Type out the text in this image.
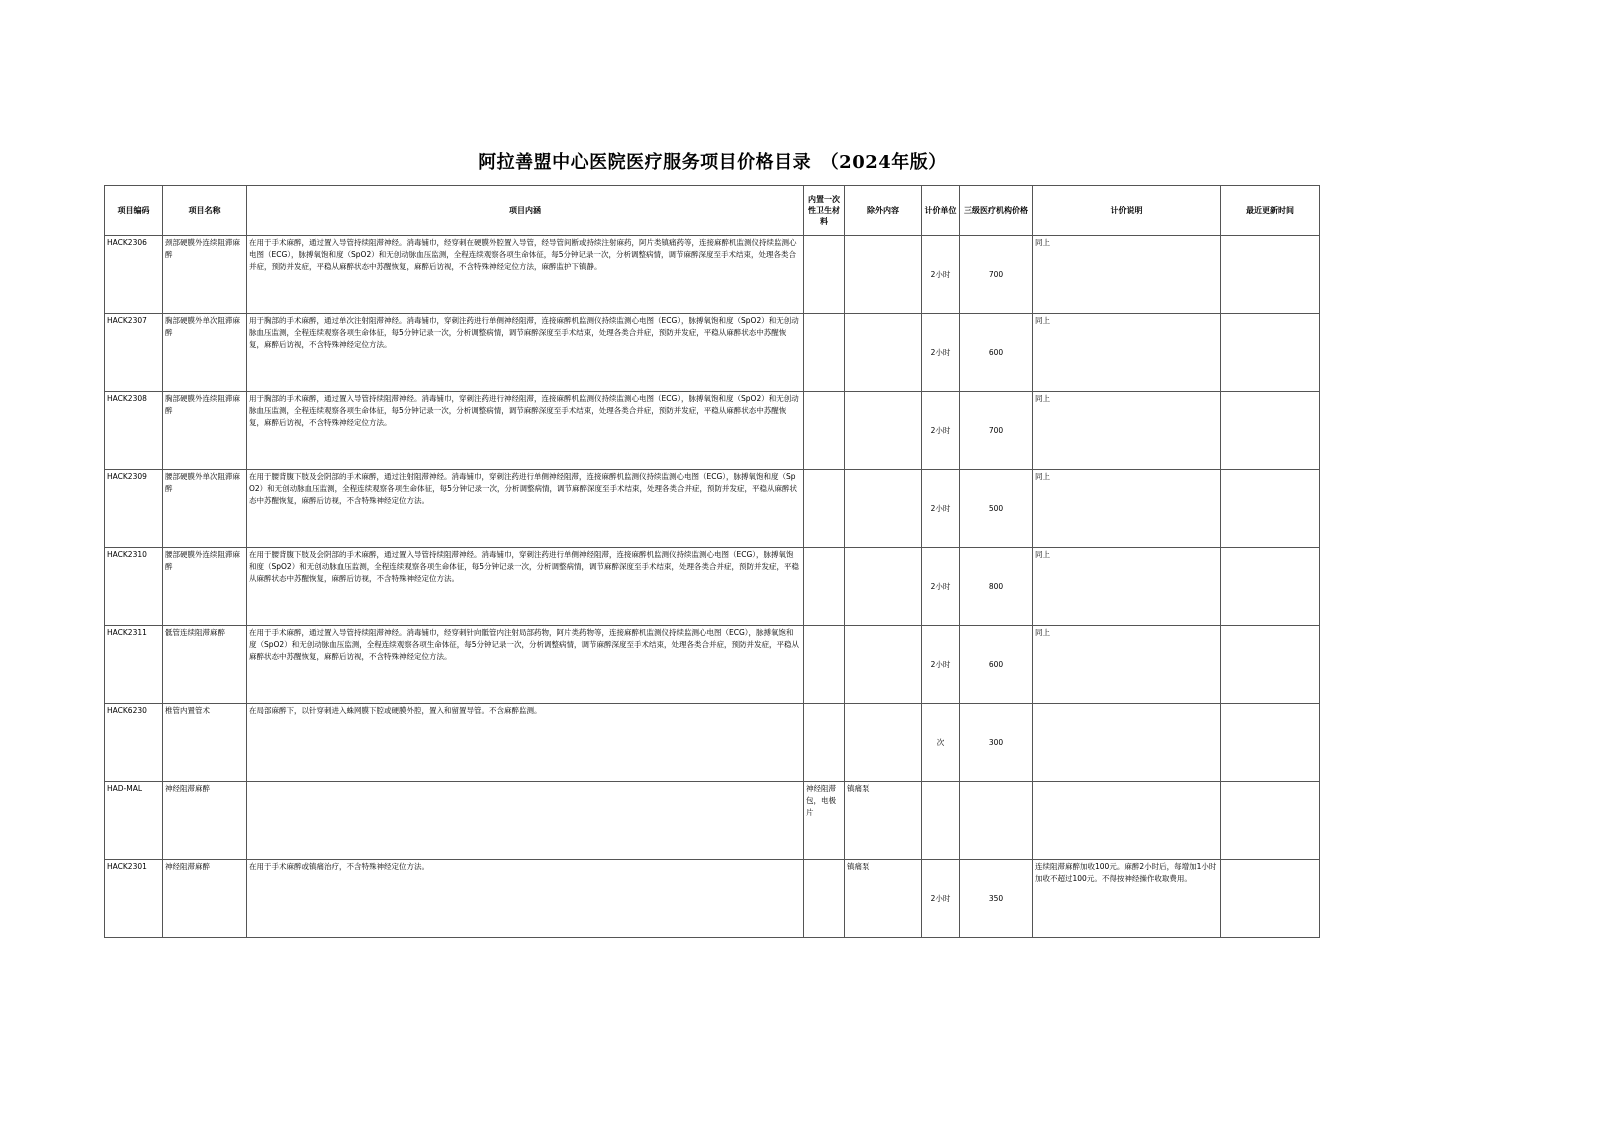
阿拉善盟中心医院医疗服务项目价格目录　（2024年版）
项目编码	项目名称	项目内涵	内置一次性卫生材料	除外内容	计价单位	三级医疗机构价格	计价说明	最近更新时间
HACK2306	颈部硬膜外连续阻滞麻醉	在用于手术麻醉，通过置入导管持续阻滞神经。消毒铺巾，经穿刺在硬膜外腔置入导管，经导管间断或持续注射麻药，阿片类镇痛药等，连接麻醉机监测仪持续监测心电图（ECG），脉搏氧饱和度（SpO2）和无创动脉血压监测，全程连续观察各项生命体征，每5分钟记录一次，分析调整病情，调节麻醉深度至手术结束，处理各类合并症，预防并发症，平稳从麻醉状态中苏醒恢复，麻醉后访视，不含特殊神经定位方法，麻醉监护下镇静。			2小时	700	同上	
HACK2307	胸部硬膜外单次阻滞麻醉	用于胸部的手术麻醉，通过单次注射阻滞神经。消毒铺巾，穿刺注药进行单侧神经阻滞，连接麻醉机监测仪持续监测心电图（ECG），脉搏氧饱和度（SpO2）和无创动脉血压监测，全程连续观察各项生命体征，每5分钟记录一次，分析调整病情，调节麻醉深度至手术结束，处理各类合并症，预防并发症，平稳从麻醉状态中苏醒恢复，麻醉后访视，不含特殊神经定位方法。			2小时	600	同上	
HACK2308	胸部硬膜外连续阻滞麻醉	用于胸部的手术麻醉，通过置入导管持续阻滞神经。消毒铺巾，穿刺注药进行神经阻滞，连接麻醉机监测仪持续监测心电图（ECG），脉搏氧饱和度（SpO2）和无创动脉血压监测，全程连续观察各项生命体征，每5分钟记录一次，分析调整病情，调节麻醉深度至手术结束，处理各类合并症，预防并发症，平稳从麻醉状态中苏醒恢复，麻醉后访视，不含特殊神经定位方法。			2小时	700	同上	
HACK2309	腰部硬膜外单次阻滞麻醉	在用于腰背腹下肢及会阴部的手术麻醉，通过注射阻滞神经。消毒铺巾，穿刺注药进行单侧神经阻滞，连接麻醉机监测仪持续监测心电图（ECG），脉搏氧饱和度（SpO2）和无创动脉血压监测，全程连续观察各项生命体征，每5分钟记录一次，分析调整病情，调节麻醉深度至手术结束，处理各类合并症，预防并发症，平稳从麻醉状态中苏醒恢复，麻醉后访视，不含特殊神经定位方法。			2小时	500	同上	
HACK2310	腰部硬膜外连续阻滞麻醉	在用于腰背腹下肢及会阴部的手术麻醉，通过置入导管持续阻滞神经。消毒铺巾，穿刺注药进行单侧神经阻滞，连接麻醉机监测仪持续监测心电图（ECG），脉搏氧饱和度（SpO2）和无创动脉血压监测，全程连续观察各项生命体征，每5分钟记录一次，分析调整病情，调节麻醉深度至手术结束，处理各类合并症，预防并发症，平稳从麻醉状态中苏醒恢复，麻醉后访视，不含特殊神经定位方法。			2小时	800	同上	
HACK2311	骶管连续阻滞麻醉	在用于手术麻醉，通过置入导管持续阻滞神经。消毒铺巾，经穿刺针向骶管内注射局部药物，阿片类药物等，连接麻醉机监测仪持续监测心电图（ECG），脉搏氧饱和度（SpO2）和无创动脉血压监测，全程连续观察各项生命体征，每5分钟记录一次，分析调整病情，调节麻醉深度至手术结束，处理各类合并症，预防并发症，平稳从麻醉状态中苏醒恢复，麻醉后访视，不含特殊神经定位方法。			2小时	600	同上	
HACK6230	椎管内置管术	在局部麻醉下，以针穿刺进入蛛网膜下腔或硬膜外腔，置入和留置导管。不含麻醉监测。			次	300		
HAD-MAL	神经阻滞麻醉		神经阻滞包，电极片	镇痛泵				
HACK2301	神经阻滞麻醉	在用于手术麻醉或镇痛治疗，不含特殊神经定位方法。		镇痛泵	2小时	350	连续阻滞麻醉加收100元。麻醉2小时后，每增加1小时加收不超过100元。不得按神经操作收取费用。	
